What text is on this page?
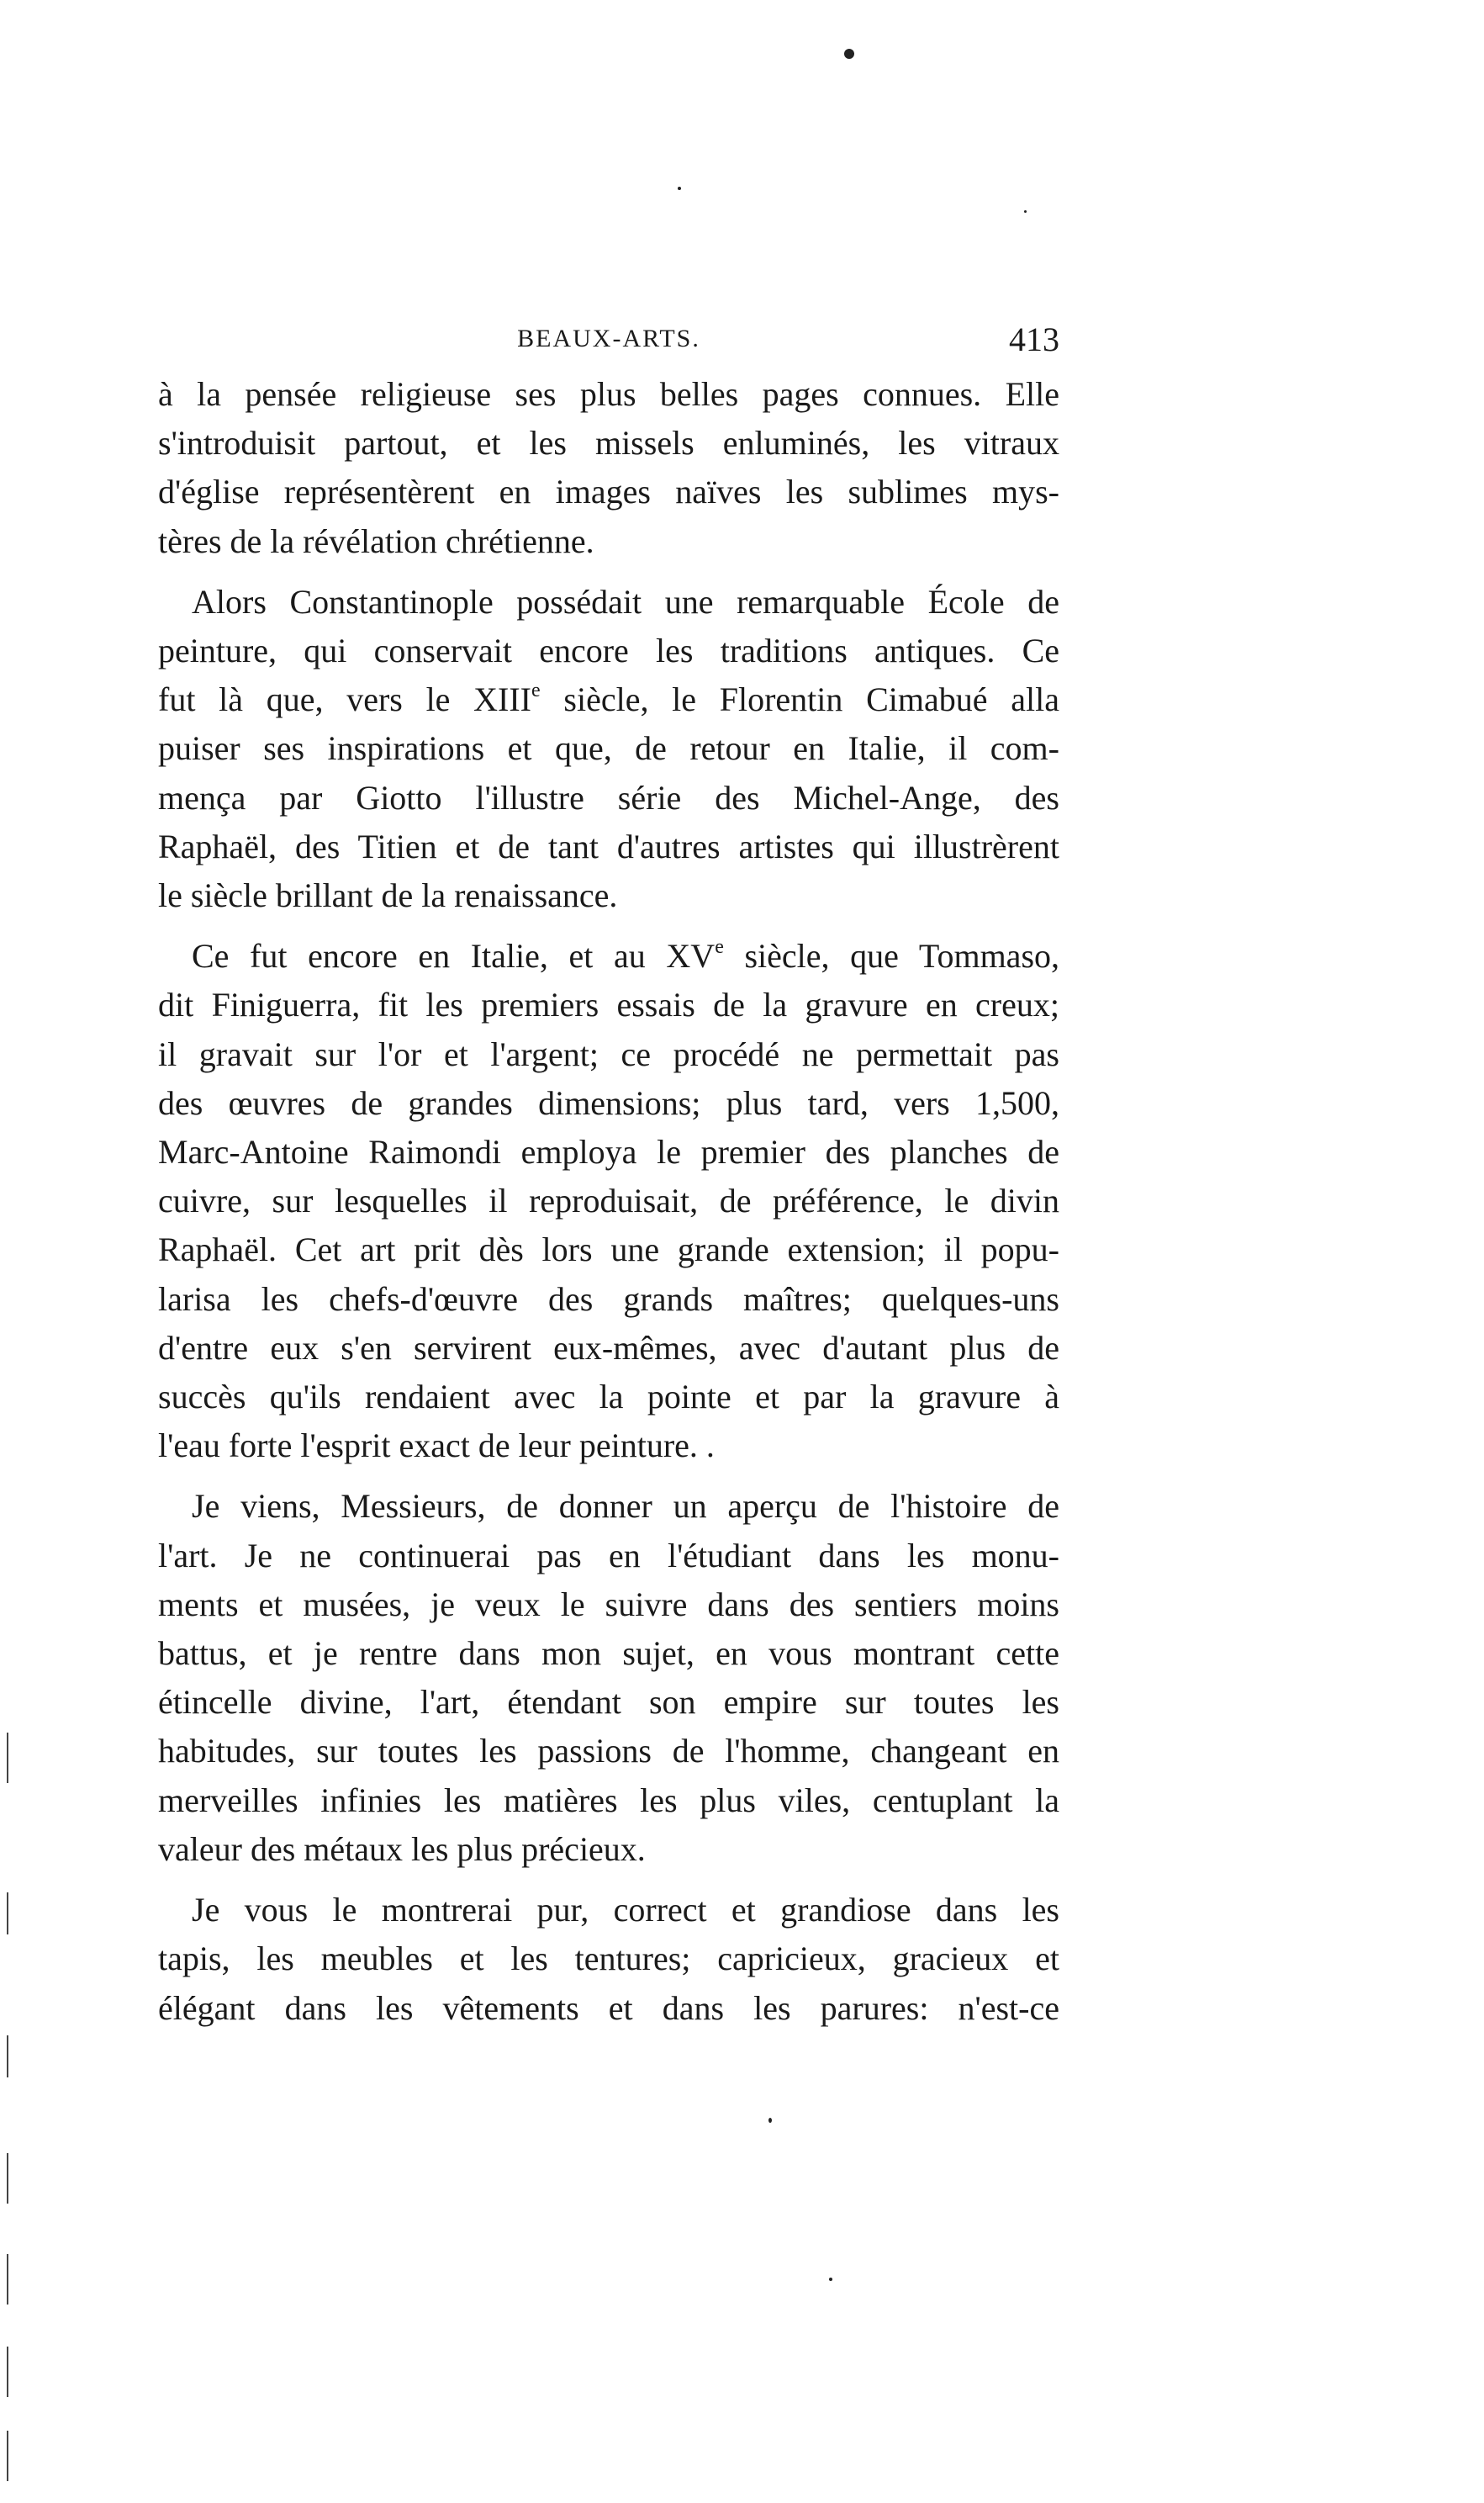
BEAUX-ARTS.	413

à la pensée religieuse ses plus belles pages connues. Elle
s'introduisit partout, et les missels enluminés, les vitraux
d'église représentèrent en images naïves les sublimes mys-
tères de la révélation chrétienne.

Alors Constantinople possédait une remarquable École de
peinture, qui conservait encore les traditions antiques. Ce
fut là que, vers le XIIIe siècle, le Florentin Cimabué alla
puiser ses inspirations et que, de retour en Italie, il com-
mença par Giotto l'illustre série des Michel-Ange, des
Raphaël, des Titien et de tant d'autres artistes qui illustrèrent
le siècle brillant de la renaissance.

Ce fut encore en Italie, et au XVe siècle, que Tommaso,
dit Finiguerra, fit les premiers essais de la gravure en creux;
il gravait sur l'or et l'argent; ce procédé ne permettait pas
des œuvres de grandes dimensions; plus tard, vers 1,500,
Marc-Antoine Raimondi employa le premier des planches de
cuivre, sur lesquelles il reproduisait, de préférence, le divin
Raphaël. Cet art prit dès lors une grande extension; il popu-
larisa les chefs-d'œuvre des grands maîtres; quelques-uns
d'entre eux s'en servirent eux-mêmes, avec d'autant plus de
succès qu'ils rendaient avec la pointe et par la gravure à
l'eau forte l'esprit exact de leur peinture. .

Je viens, Messieurs, de donner un aperçu de l'histoire de
l'art. Je ne continuerai pas en l'étudiant dans les monu-
ments et musées, je veux le suivre dans des sentiers moins
battus, et je rentre dans mon sujet, en vous montrant cette
étincelle divine, l'art, étendant son empire sur toutes les
habitudes, sur toutes les passions de l'homme, changeant en
merveilles infinies les matières les plus viles, centuplant la
valeur des métaux les plus précieux.

Je vous le montrerai pur, correct et grandiose dans les
tapis, les meubles et les tentures; capricieux, gracieux et
élégant dans les vêtements et dans les parures: n'est-ce
